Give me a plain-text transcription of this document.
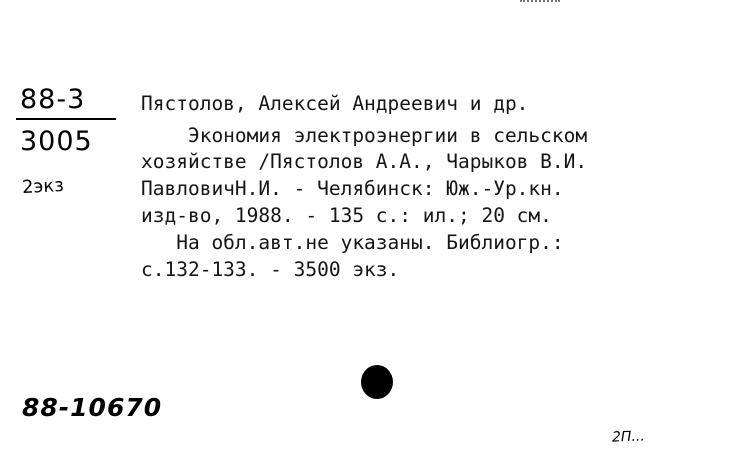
88-3
3005
2экз
Пястолов, Алексей Андреевич и др.
Экономия электроэнергии в сельском
хозяйстве /Пястолов А.А., Чарыков В.И.
ПавловичН.И. - Челябинск: Юж.-Ур.кн.
изд-во, 1988. - 135 с.: ил.; 20 см.
На обл.авт.не указаны. Библиогр.:
с.132-133. - 3500 экз.
88-10670
2П...
